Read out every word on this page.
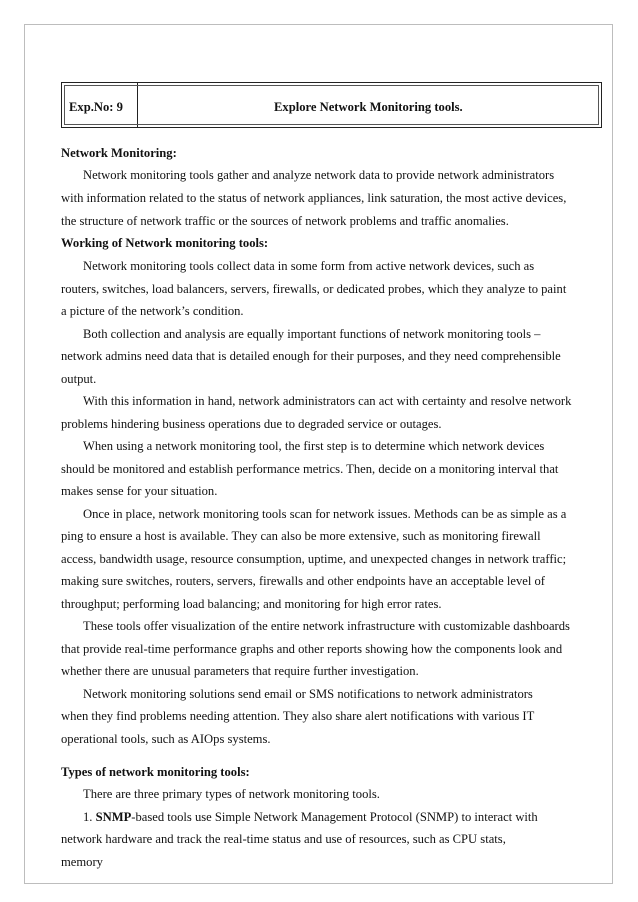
Exp.No: 9	Explore Network Monitoring tools.
Network Monitoring:
Network monitoring tools gather and analyze network data to provide network administrators
with information related to the status of network appliances, link saturation, the most active devices,
the structure of network traffic or the sources of network problems and traffic anomalies.
Working of Network monitoring tools:
Network monitoring tools collect data in some form from active network devices, such as
routers, switches, load balancers, servers, firewalls, or dedicated probes, which they analyze to paint
a picture of the network’s condition.
Both collection and analysis are equally important functions of network monitoring tools –
network admins need data that is detailed enough for their purposes, and they need comprehensible
output.
With this information in hand, network administrators can act with certainty and resolve network
problems hindering business operations due to degraded service or outages.
When using a network monitoring tool, the first step is to determine which network devices
should be monitored and establish performance metrics. Then, decide on a monitoring interval that
makes sense for your situation.
Once in place, network monitoring tools scan for network issues. Methods can be as simple as a
ping to ensure a host is available. They can also be more extensive, such as monitoring firewall
access, bandwidth usage, resource consumption, uptime, and unexpected changes in network traffic;
making sure switches, routers, servers, firewalls and other endpoints have an acceptable level of
throughput; performing load balancing; and monitoring for high error rates.
These tools offer visualization of the entire network infrastructure with customizable dashboards
that provide real-time performance graphs and other reports showing how the components look and
whether there are unusual parameters that require further investigation.
Network monitoring solutions send email or SMS notifications to network administrators
when they find problems needing attention. They also share alert notifications with various IT
operational tools, such as AIOps systems.
Types of network monitoring tools:
There are three primary types of network monitoring tools.
1. SNMP-based tools use Simple Network Management Protocol (SNMP) to interact with
network hardware and track the real-time status and use of resources, such as CPU stats,
memory
